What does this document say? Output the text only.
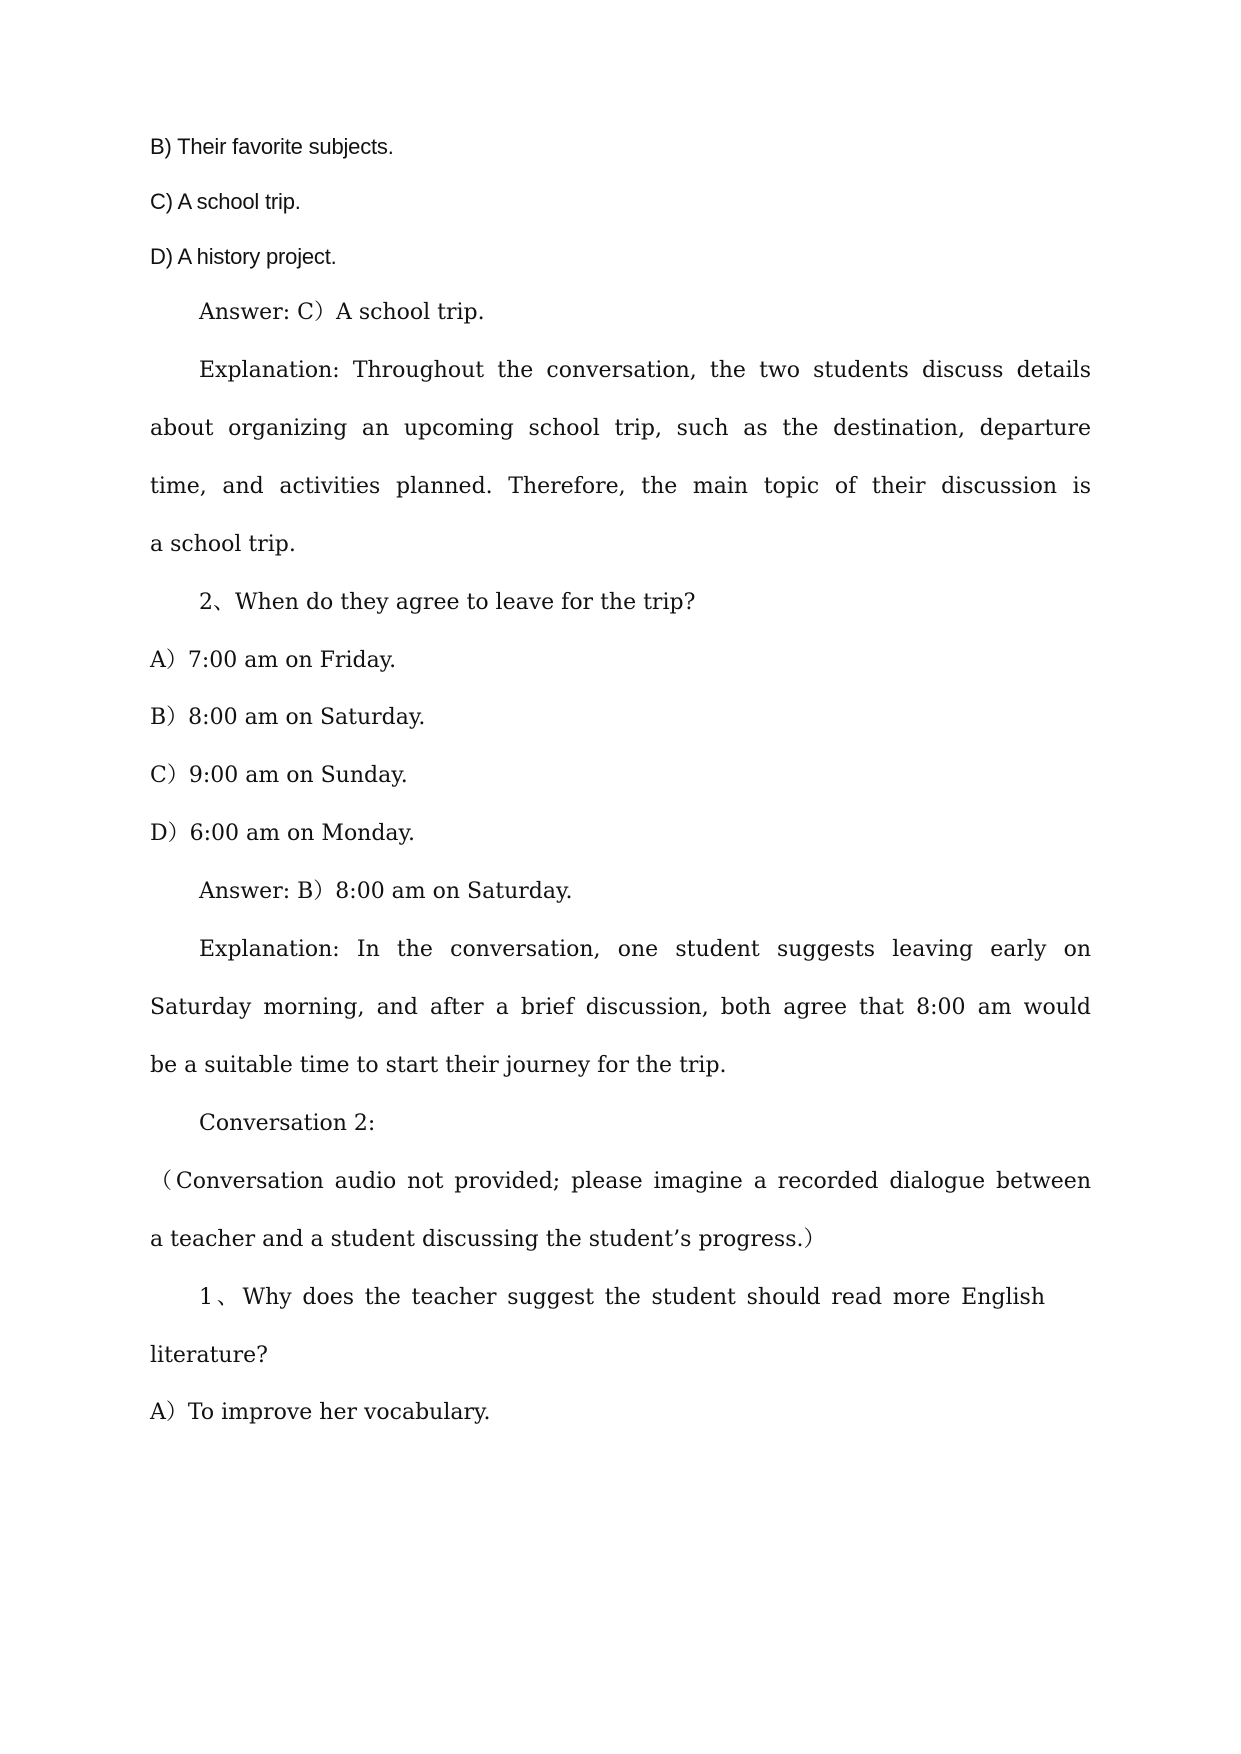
B) Their favorite subjects.
C) A school trip.
D) A history project.
Answer: C）A school trip.
Explanation: Throughout the conversation, the two students discuss details
about organizing an upcoming school trip, such as the destination, departure
time, and activities planned. Therefore, the main topic of their discussion is
a school trip.
2、When do they agree to leave for the trip?
A）7:00 am on Friday.
B）8:00 am on Saturday.
C）9:00 am on Sunday.
D）6:00 am on Monday.
Answer: B）8:00 am on Saturday.
Explanation: In the conversation, one student suggests leaving early on
Saturday morning, and after a brief discussion, both agree that 8:00 am would
be a suitable time to start their journey for the trip.
Conversation 2:
（Conversation audio not provided; please imagine a recorded dialogue between
a teacher and a student discussing the student’s progress.）
1、Why does the teacher suggest the student should read more English
literature?
A）To improve her vocabulary.
